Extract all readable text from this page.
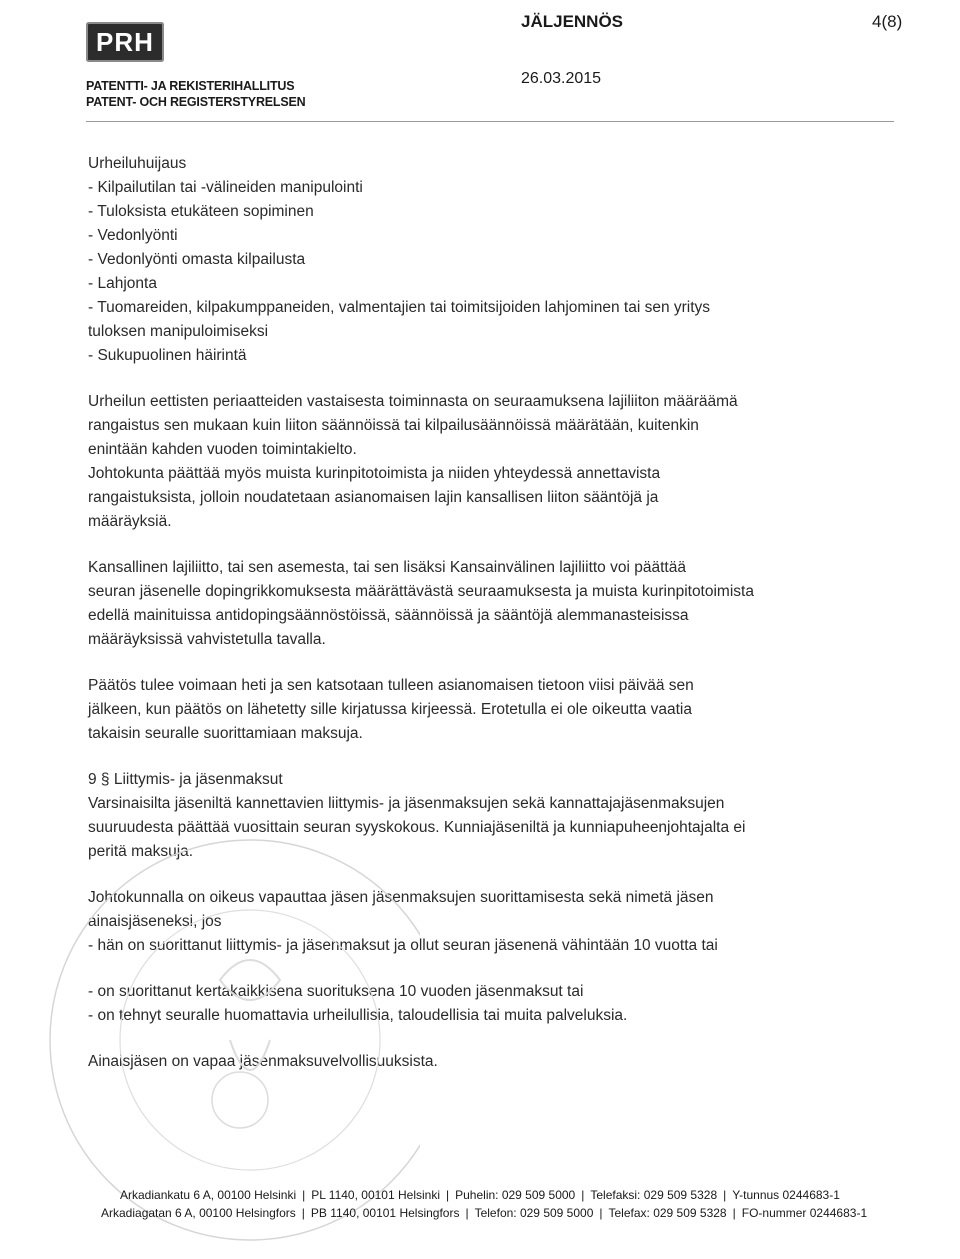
PRH
PATENTTI- JA REKISTERIHALLITUS
PATENT- OCH REGISTERSTYRELSEN
JÄLJENNÖS	4(8)
26.03.2015
Urheiluhuijaus
- Kilpailutilan tai -välineiden manipulointi
- Tuloksista etukäteen sopiminen
- Vedonlyönti
- Vedonlyönti omasta kilpailusta
- Lahjonta
- Tuomareiden, kilpakumppaneiden, valmentajien tai toimitsijoiden lahjominen tai sen yritys
tuloksen manipuloimiseksi
- Sukupuolinen häirintä
Urheilun eettisten periaatteiden vastaisesta toiminnasta on seuraamuksena lajiliiton määräämä
rangaistus sen mukaan kuin liiton säännöissä tai kilpailusäännöissä määrätään, kuitenkin
enintään kahden vuoden toimintakielto.
Johtokunta päättää myös muista kurinpitotoimista ja niiden yhteydessä annettavista
rangaistuksista, jolloin noudatetaan asianomaisen lajin kansallisen liiton sääntöjä ja
määräyksiä.
Kansallinen lajiliitto, tai sen asemesta, tai sen lisäksi Kansainvälinen lajiliitto voi päättää
seuran jäsenelle dopingrikkomuksesta määrättävästä seuraamuksesta ja muista kurinpitotoimista
edellä mainituissa antidopingsäännöstöissä, säännöissä ja sääntöjä alemmanasteisissa
määräyksissä vahvistetulla tavalla.
Päätös tulee voimaan heti ja sen katsotaan tulleen asianomaisen tietoon viisi päivää sen
jälkeen, kun päätös on lähetetty sille kirjatussa kirjeessä. Erotetulla ei ole oikeutta vaatia
takaisin seuralle suorittamiaan maksuja.
9 § Liittymis- ja jäsenmaksut
Varsinaisilta jäseniltä kannettavien liittymis- ja jäsenmaksujen sekä kannattajajäsenmaksujen
suuruudesta päättää vuosittain seuran syyskokous. Kunniajäseniltä ja kunniapuheenjohtajalta ei
peritä maksuja.
Johtokunnalla on oikeus vapauttaa jäsen jäsenmaksujen suorittamisesta sekä nimetä jäsen
ainaisjäseneksi, jos
- hän on suorittanut liittymis- ja jäsenmaksut ja ollut seuran jäsenenä vähintään 10 vuotta tai
- on suorittanut kertakaikkisena suorituksena 10 vuoden jäsenmaksut tai
- on tehnyt seuralle huomattavia urheilullisia, taloudellisia tai muita palveluksia.
Ainaisjäsen on vapaa jäsenmaksuvelvollisuuksista.
Arkadiankatu 6 A, 00100 Helsinki | PL 1140, 00101 Helsinki | Puhelin: 029 509 5000 | Telefaksi: 029 509 5328 | Y-tunnus 0244683-1
Arkadiagatan 6 A, 00100 Helsingfors | PB 1140, 00101 Helsingfors | Telefon: 029 509 5000 | Telefax: 029 509 5328 | FO-nummer 0244683-1
